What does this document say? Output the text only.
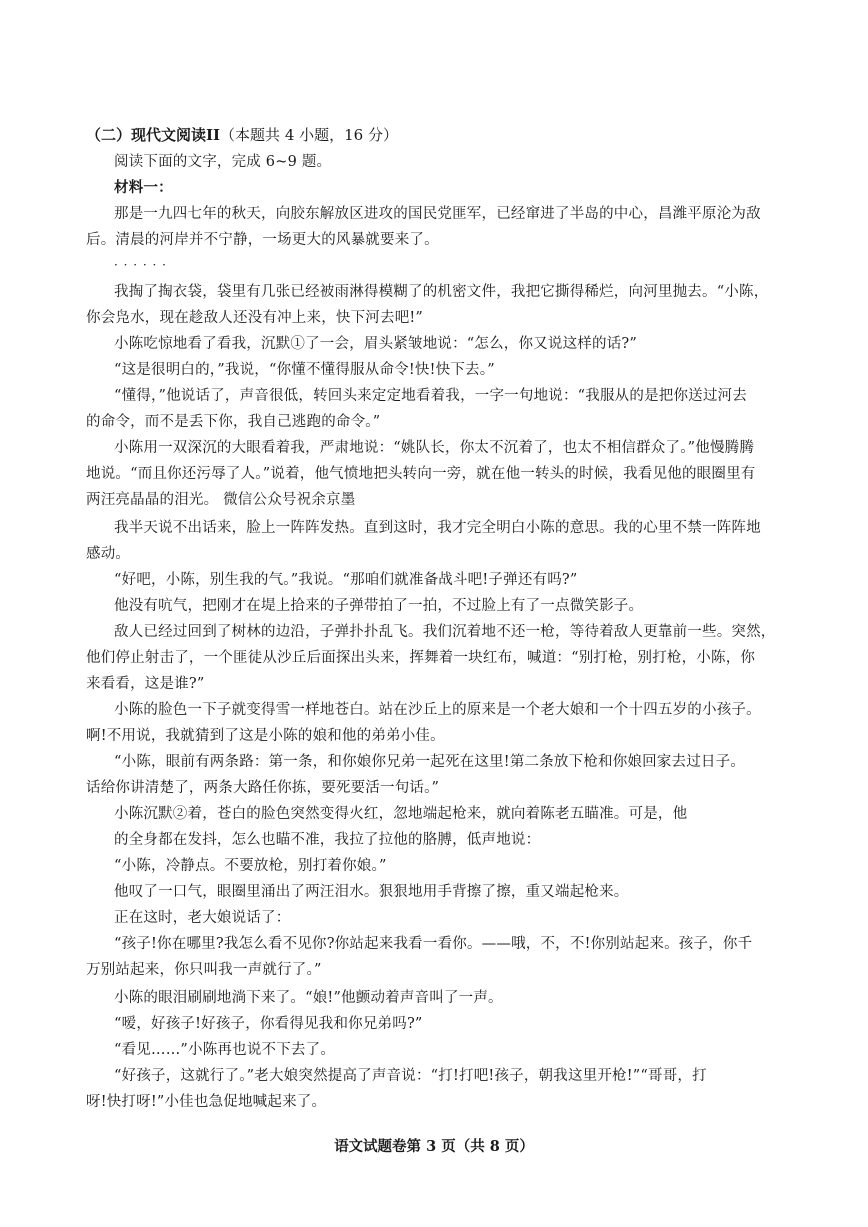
（二）现代文阅读II（本题共 4 小题，16 分）
阅读下面的文字，完成 6~9 题。
材料一：
那是一九四七年的秋天，向胶东解放区进攻的国民党匪军，已经窜进了半岛的中心，昌潍平原沦为敌
后。清晨的河岸并不宁静，一场更大的风暴就要来了。
· · · · · ·
我掏了掏衣袋，袋里有几张已经被雨淋得模糊了的机密文件，我把它撕得稀烂，向河里抛去。“小陈，
你会凫水，现在趁敌人还没有冲上来，快下河去吧!”
小陈吃惊地看了看我，沉默①了一会，眉头紧皱地说：“怎么，你又说这样的话?”
“这是很明白的，”我说，“你懂不懂得服从命令!快!快下去。”
“懂得，”他说话了，声音很低，转回头来定定地看着我，一字一句地说：“我服从的是把你送过河去
的命令，而不是丢下你，我自己逃跑的命令。”
小陈用一双深沉的大眼看着我，严肃地说：“姚队长，你太不沉着了，也太不相信群众了。”他慢腾腾
地说。“而且你还污辱了人。”说着，他气愤地把头转向一旁，就在他一转头的时候，我看见他的眼圈里有
两汪亮晶晶的泪光。 微信公众号祝余京墨
我半天说不出话来，脸上一阵阵发热。直到这时，我才完全明白小陈的意思。我的心里不禁一阵阵地
感动。
“好吧，小陈，别生我的气。”我说。“那咱们就准备战斗吧!子弹还有吗?”
他没有吭气，把刚才在堤上拾来的子弹带拍了一拍，不过脸上有了一点微笑影子。
敌人已经过回到了树林的边沿，子弹扑扑乱飞。我们沉着地不还一枪，等待着敌人更靠前一些。突然，
他们停止射击了，一个匪徒从沙丘后面探出头来，挥舞着一块红布，喊道：“别打枪，别打枪，小陈，你
来看看，这是谁?”
小陈的脸色一下子就变得雪一样地苍白。站在沙丘上的原来是一个老大娘和一个十四五岁的小孩子。
啊!不用说，我就猜到了这是小陈的娘和他的弟弟小佳。
“小陈，眼前有两条路：第一条，和你娘你兄弟一起死在这里!第二条放下枪和你娘回家去过日子。
话给你讲清楚了，两条大路任你拣，要死要活一句话。”
小陈沉默②着，苍白的脸色突然变得火红，忽地端起枪来，就向着陈老五瞄准。可是，他
的全身都在发抖，怎么也瞄不准，我拉了拉他的胳膊，低声地说：
“小陈，冷静点。不要放枪，别打着你娘。”
他叹了一口气，眼圈里涌出了两汪泪水。狠狠地用手背擦了擦，重又端起枪来。
正在这时，老大娘说话了：
“孩子!你在哪里?我怎么看不见你?你站起来我看一看你。——哦，不，不!你别站起来。孩子，你千
万别站起来，你只叫我一声就行了。”
小陈的眼泪刷刷地淌下来了。“娘!”他颤动着声音叫了一声。
“嗳，好孩子!好孩子，你看得见我和你兄弟吗?”
“看见……”小陈再也说不下去了。
“好孩子，这就行了。”老大娘突然提高了声音说：“打!打吧!孩子，朝我这里开枪!”“哥哥，打
呀!快打呀!”小佳也急促地喊起来了。
语文试题卷第 3 页（共 8 页）
